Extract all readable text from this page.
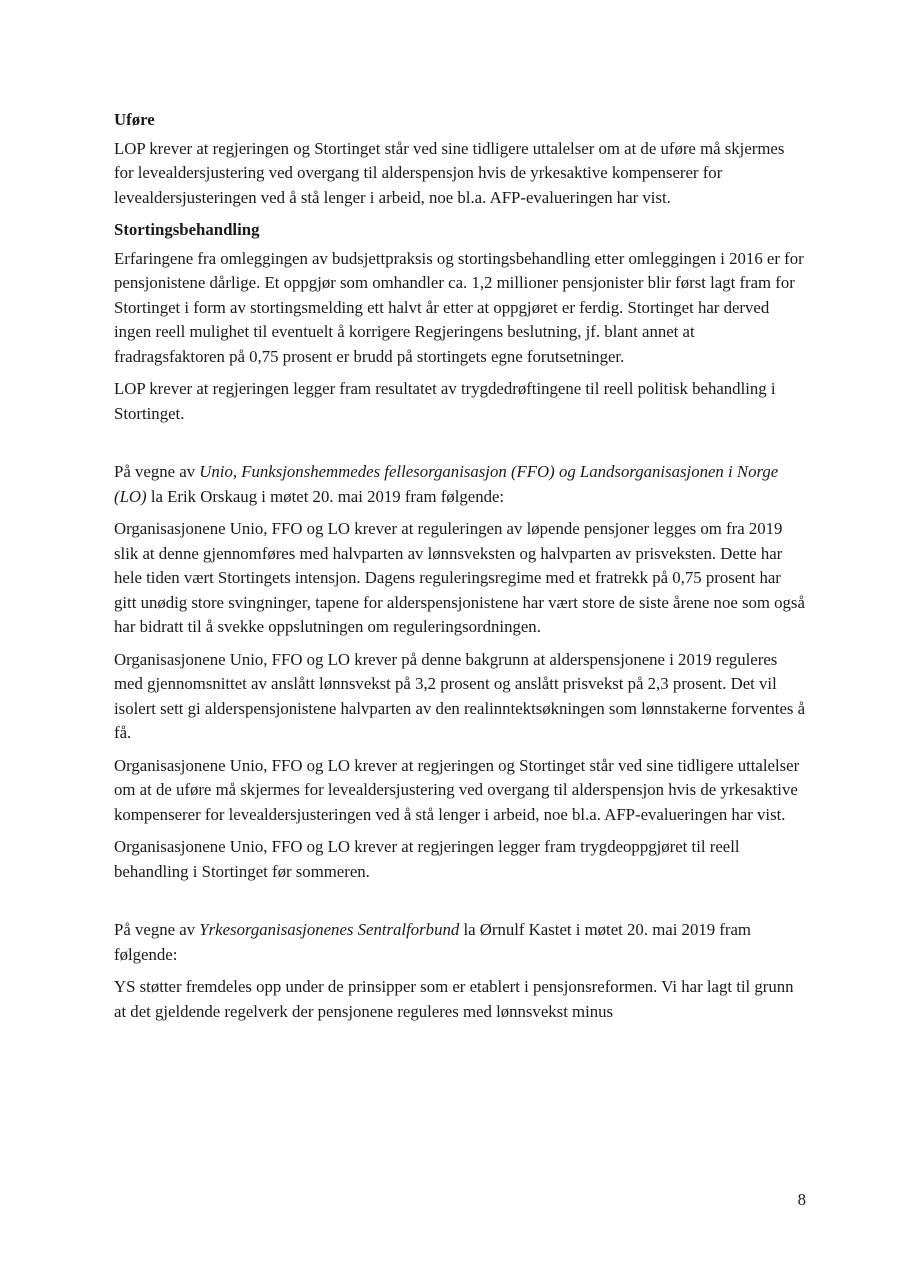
Uføre

LOP krever at regjeringen og Stortinget står ved sine tidligere uttalelser om at de uføre må skjermes for levealdersjustering ved overgang til alderspensjon hvis de yrkesaktive kompenserer for levealdersjusteringen ved å stå lenger i arbeid, noe bl.a. AFP-evalueringen har vist.

Stortingsbehandling

Erfaringene fra omleggingen av budsjettpraksis og stortingsbehandling etter omleggingen i 2016 er for pensjonistene dårlige. Et oppgjør som omhandler ca. 1,2 millioner pensjonister blir først lagt fram for Stortinget i form av stortingsmelding ett halvt år etter at oppgjøret er ferdig. Stortinget har derved ingen reell mulighet til eventuelt å korrigere Regjeringens beslutning, jf. blant annet at fradragsfaktoren på 0,75 prosent er brudd på stortingets egne forutsetninger.

LOP krever at regjeringen legger fram resultatet av trygdedrøftingene til reell politisk behandling i Stortinget.

På vegne av Unio, Funksjonshemmedes fellesorganisasjon (FFO) og Landsorganisasjonen i Norge (LO) la Erik Orskaug i møtet 20. mai 2019 fram følgende:

Organisasjonene Unio, FFO og LO krever at reguleringen av løpende pensjoner legges om fra 2019 slik at denne gjennomføres med halvparten av lønnsveksten og halvparten av prisveksten. Dette har hele tiden vært Stortingets intensjon. Dagens reguleringsregime med et fratrekk på 0,75 prosent har gitt unødig store svingninger, tapene for alderspensjonistene har vært store de siste årene noe som også har bidratt til å svekke oppslutningen om reguleringsordningen.

Organisasjonene Unio, FFO og LO krever på denne bakgrunn at alderspensjonene i 2019 reguleres med gjennomsnittet av anslått lønnsvekst på 3,2 prosent og anslått prisvekst på 2,3 prosent. Det vil isolert sett gi alderspensjonistene halvparten av den realinntektsøkningen som lønnstakerne forventes å få.

Organisasjonene Unio, FFO og LO krever at regjeringen og Stortinget står ved sine tidligere uttalelser om at de uføre må skjermes for levealdersjustering ved overgang til alderspensjon hvis de yrkesaktive kompenserer for levealdersjusteringen ved å stå lenger i arbeid, noe bl.a. AFP-evalueringen har vist.

Organisasjonene Unio, FFO og LO krever at regjeringen legger fram trygdeoppgjøret til reell behandling i Stortinget før sommeren.

På vegne av Yrkesorganisasjonenes Sentralforbund la Ørnulf Kastet i møtet 20. mai 2019 fram følgende:

YS støtter fremdeles opp under de prinsipper som er etablert i pensjonsreformen. Vi har lagt til grunn at det gjeldende regelverk der pensjonene reguleres med lønnsvekst minus

8
